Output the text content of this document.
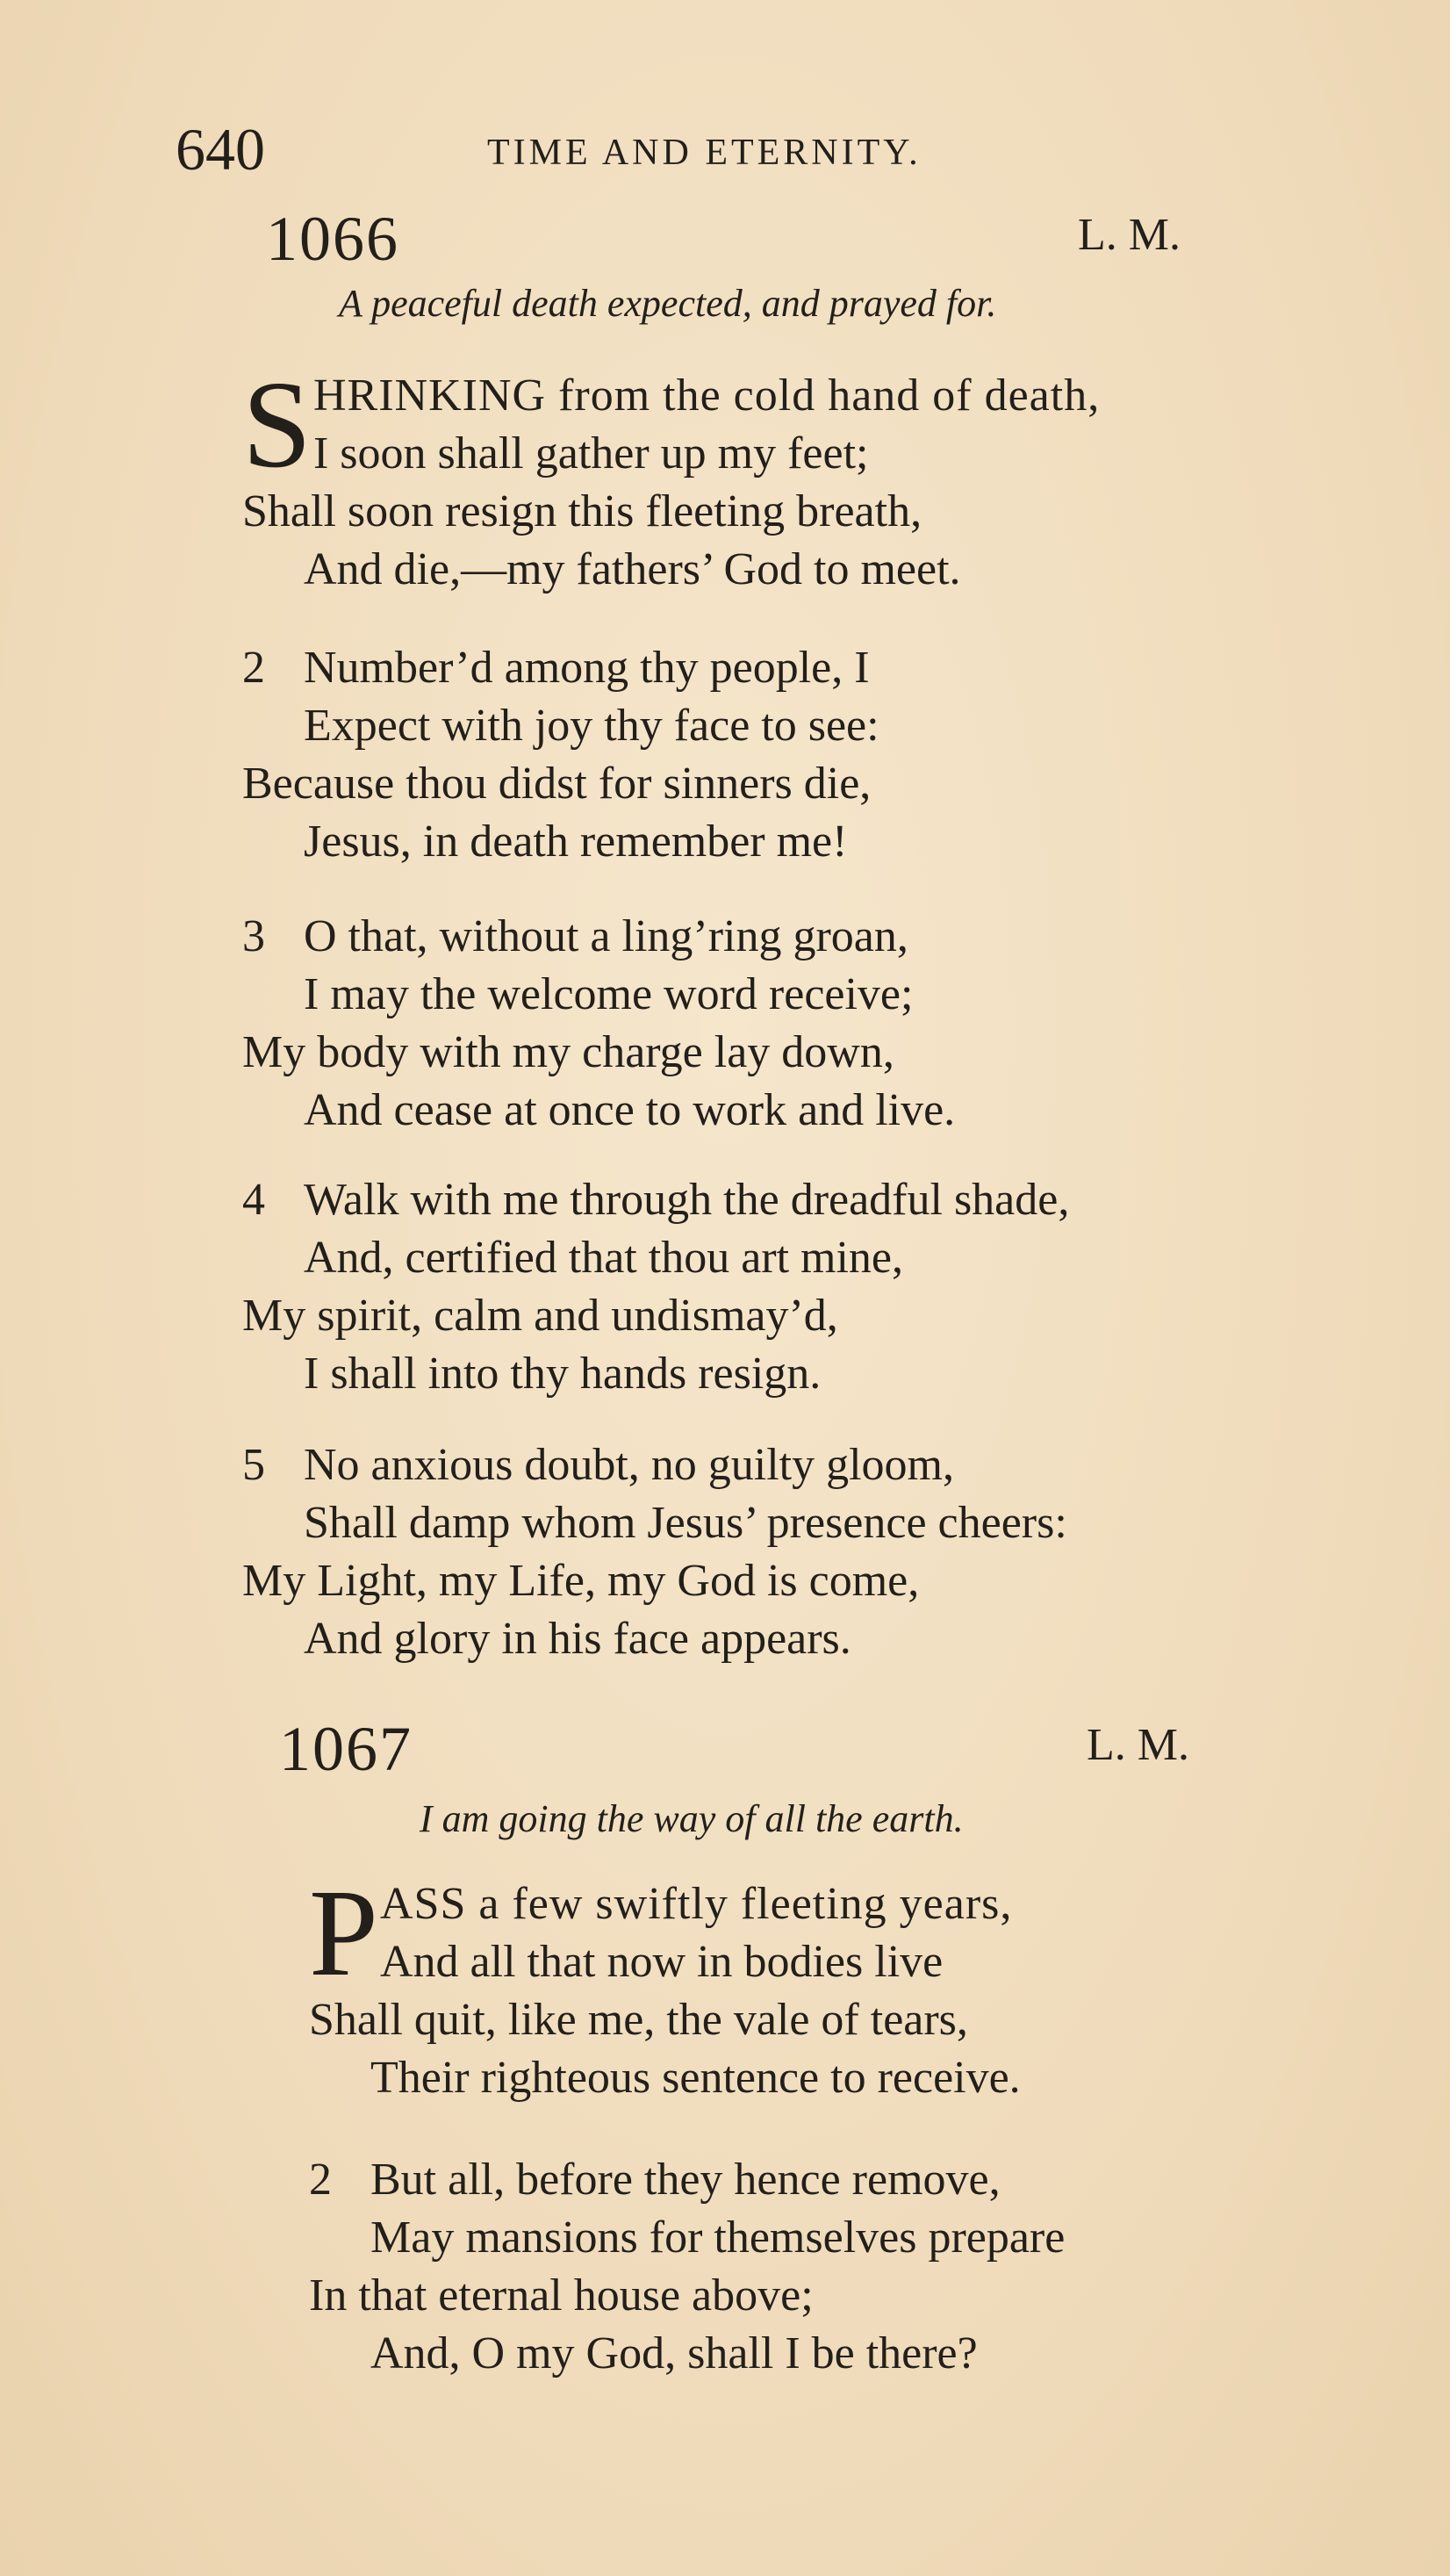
640	TIME AND ETERNITY.
1066	L. M.
A peaceful death expected, and prayed for.
S HRINKING from the cold hand of death,
I soon shall gather up my feet;
Shall soon resign this fleeting breath,
And die,—my fathers’ God to meet.
2 Number’d among thy people, I
Expect with joy thy face to see:
Because thou didst for sinners die,
Jesus, in death remember me!
3 O that, without a ling’ring groan,
I may the welcome word receive;
My body with my charge lay down,
And cease at once to work and live.
4 Walk with me through the dreadful shade,
And, certified that thou art mine,
My spirit, calm and undismay’d,
I shall into thy hands resign.
5 No anxious doubt, no guilty gloom,
Shall damp whom Jesus’ presence cheers:
My Light, my Life, my God is come,
And glory in his face appears.
1067	L. M.
I am going the way of all the earth.
P ASS a few swiftly fleeting years,
And all that now in bodies live
Shall quit, like me, the vale of tears,
Their righteous sentence to receive.
2 But all, before they hence remove,
May mansions for themselves prepare
In that eternal house above;
And, O my God, shall I be there?
